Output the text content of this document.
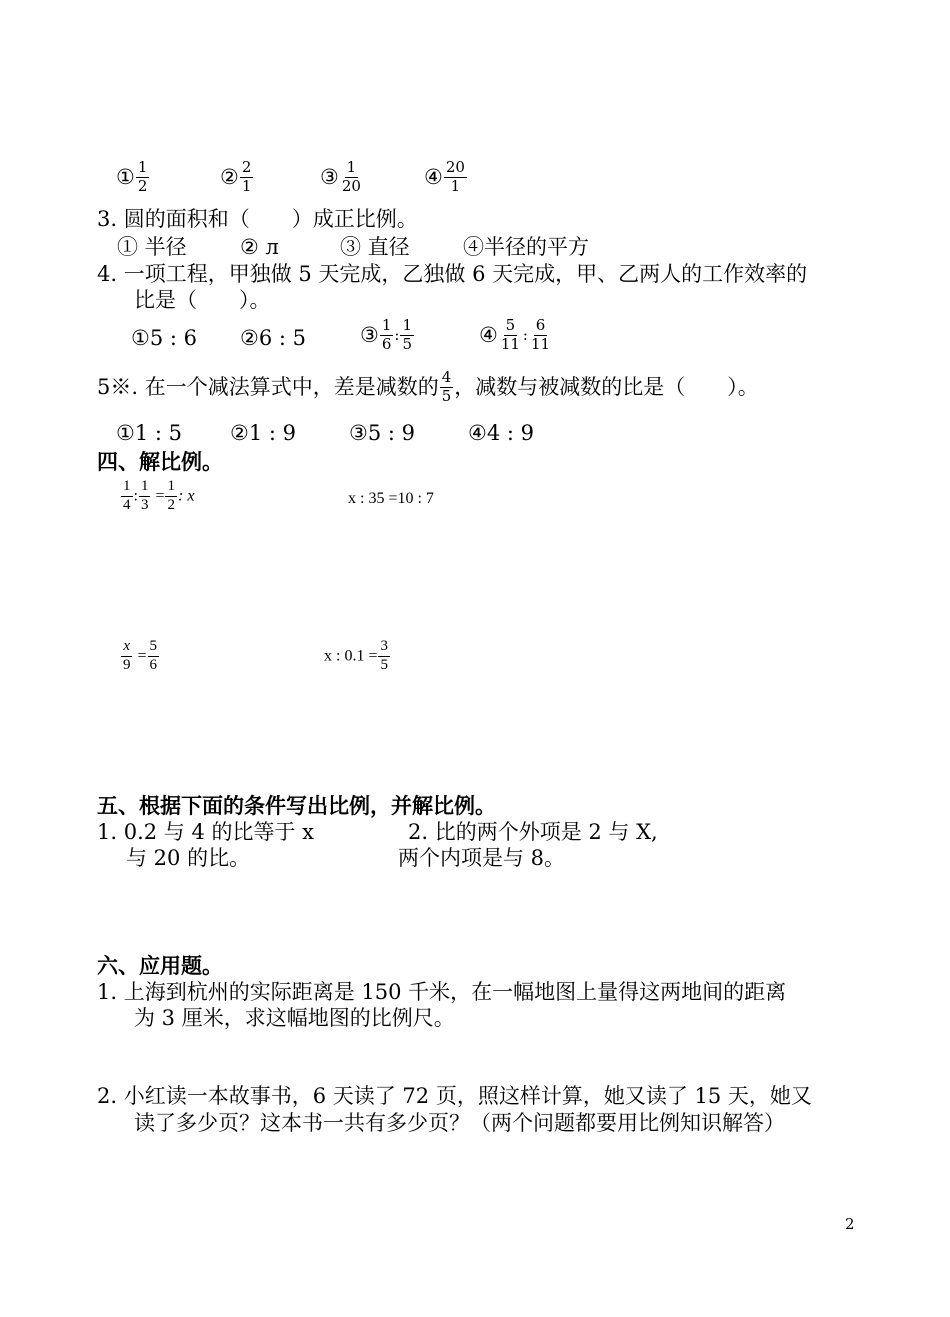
① $\frac{1}{2}$	② $\frac{2}{1}$	③ $\frac{1}{20}$	④ $\frac{20}{1}$
3. 圆的面积和（　　）成正比例。
① 半径	② л	③ 直径	④半径的平方
4. 一项工程，甲独做 5 天完成，乙独做 6 天完成，甲、乙两人的工作效率的
比是（　　）。
①5 : 6 ②6 : 5	③ $\frac{1}{6}$ : $\frac{1}{5}$	④ $\frac{5}{11}$ : $\frac{6}{11}$
5※. 在一个减法算式中，差是减数的 $\frac{4}{5}$ ，减数与被减数的比是（　　）。
①1 : 5 ②1 : 9	③5 : 9	④4 : 9
四、解比例。
$\frac{1}{4}$ : $\frac{1}{3} = \frac{1}{2}$ : x	x : 35 =10 : 7
$\frac{x}{9} = \frac{5}{6}$	x : $0.1 = \frac{3}{5}$
五、根据下面的条件写出比例，并解比例。
1. 0.2 与 4 的比等于 x
与 20 的比。
2. 比的两个外项是 2 与 X,
两个内项是与 8。
六、应用题。
1. 上海到杭州的实际距离是 150 千米，在一幅地图上量得这两地间的距离
为 3 厘米，求这幅地图的比例尺。
2. 小红读一本故事书，6 天读了 72 页，照这样计算，她又读了 15 天，她又
读了多少页？这本书一共有多少页？（两个问题都要用比例知识解答）
2
